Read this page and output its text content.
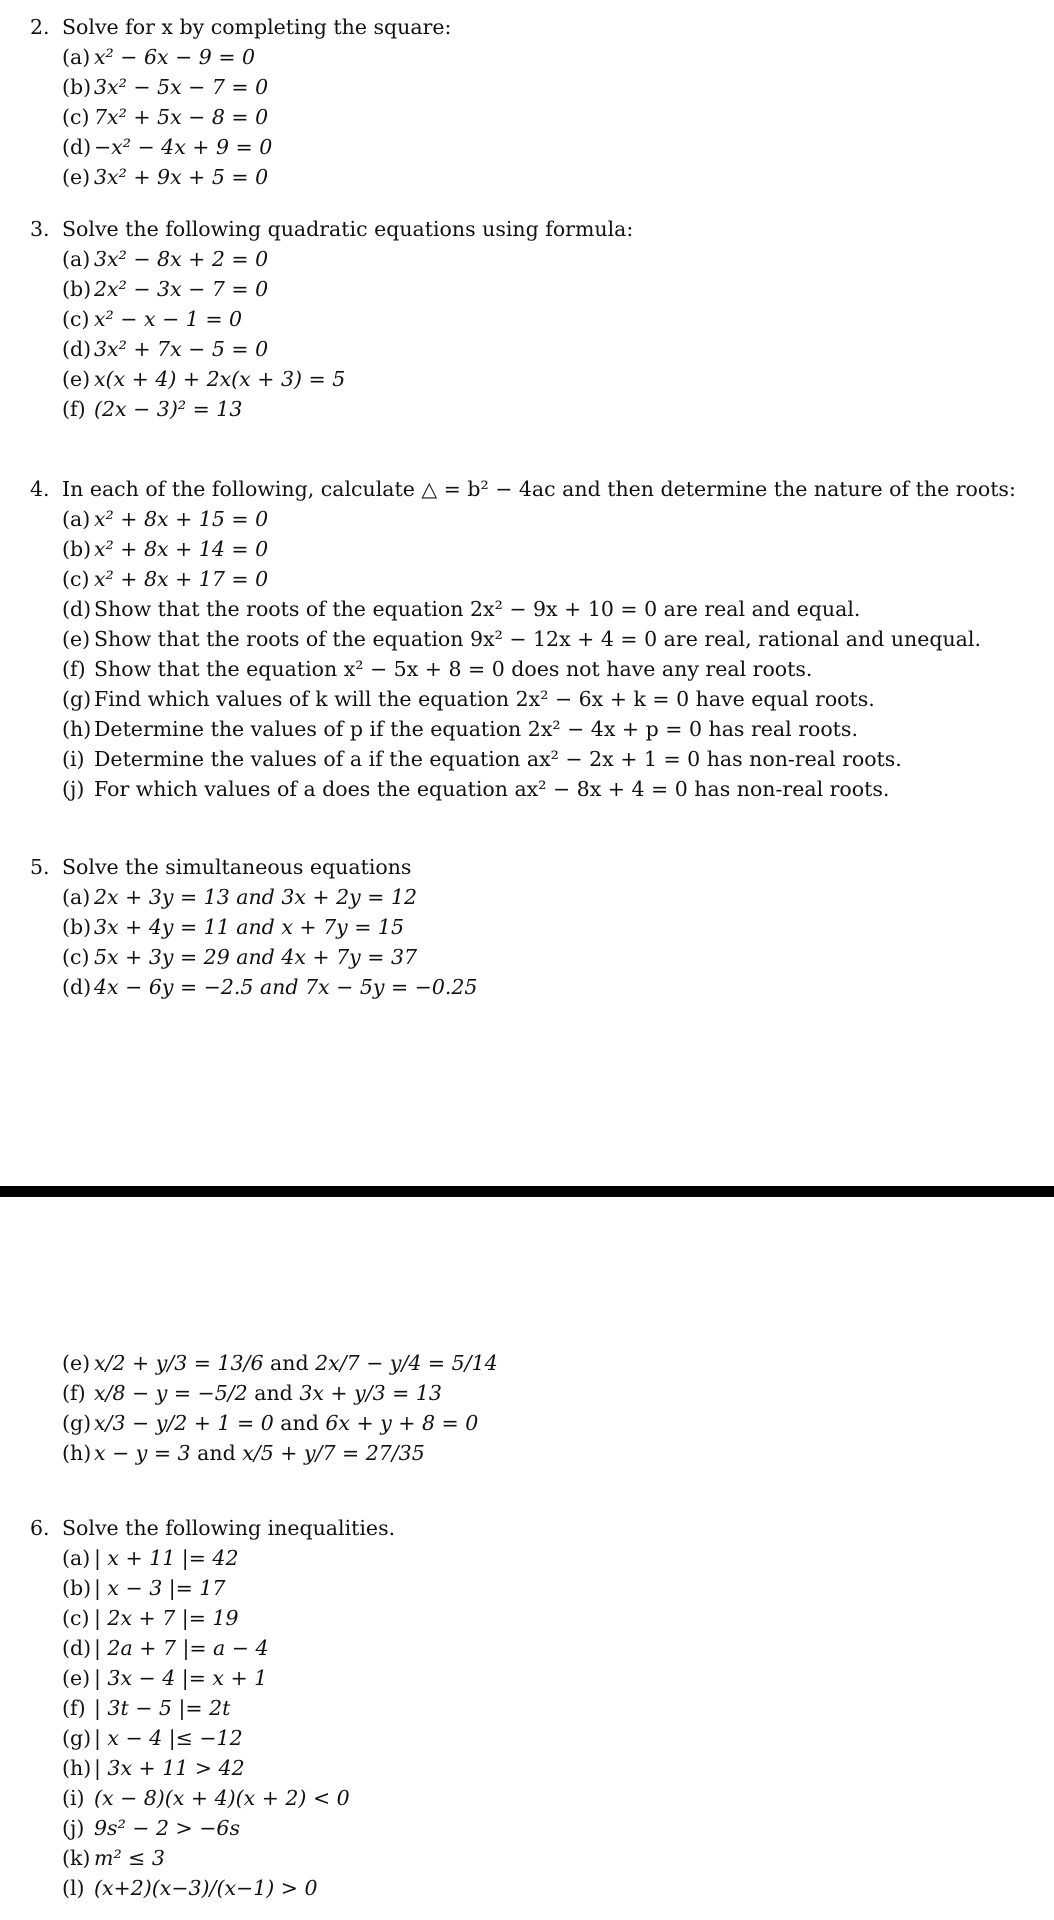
2. Solve for x by completing the square:
(a) x² − 6x − 9 = 0
(b) 3x² − 5x − 7 = 0
(c) 7x² + 5x − 8 = 0
(d) −x² − 4x + 9 = 0
(e) 3x² + 9x + 5 = 0
3. Solve the following quadratic equations using formula:
(a) 3x² − 8x + 2 = 0
(b) 2x² − 3x − 7 = 0
(c) x² − x − 1 = 0
(d) 3x² + 7x − 5 = 0
(e) x(x + 4) + 2x(x + 3) = 5
(f) (2x − 3)² = 13
4. In each of the following, calculate △ = b² − 4ac and then determine the nature of the roots:
(a) x² + 8x + 15 = 0
(b) x² + 8x + 14 = 0
(c) x² + 8x + 17 = 0
(d) Show that the roots of the equation 2x² − 9x + 10 = 0 are real and equal.
(e) Show that the roots of the equation 9x² − 12x + 4 = 0 are real, rational and unequal.
(f) Show that the equation x² − 5x + 8 = 0 does not have any real roots.
(g) Find which values of k will the equation 2x² − 6x + k = 0 have equal roots.
(h) Determine the values of p if the equation 2x² − 4x + p = 0 has real roots.
(i) Determine the values of a if the equation ax² − 2x + 1 = 0 has non-real roots.
(j) For which values of a does the equation ax² − 8x + 4 = 0 has non-real roots.
5. Solve the simultaneous equations
(a) 2x + 3y = 13 and 3x + 2y = 12
(b) 3x + 4y = 11 and x + 7y = 15
(c) 5x + 3y = 29 and 4x + 7y = 37
(d) 4x − 6y = −2.5 and 7x − 5y = −0.25
(e) x/2 + y/3 = 13/6 and 2x/7 − y/4 = 5/14
(f) x/8 − y = −5/2 and 3x + y/3 = 13
(g) x/3 − y/2 + 1 = 0 and 6x + y + 8 = 0
(h) x − y = 3 and x/5 + y/7 = 27/35
6. Solve the following inequalities.
(a) | x + 11 |= 42
(b) | x − 3 |= 17
(c) | 2x + 7 |= 19
(d) | 2a + 7 |= a − 4
(e) | 3x − 4 |= x + 1
(f) | 3t − 5 |= 2t
(g) | x − 4 |≤ −12
(h) | 3x + 11 > 42
(i) (x − 8)(x + 4)(x + 2) < 0
(j) 9s² − 2 > −6s
(k) m² ≤ 3
(l) (x+2)(x−3)/(x−1) > 0
